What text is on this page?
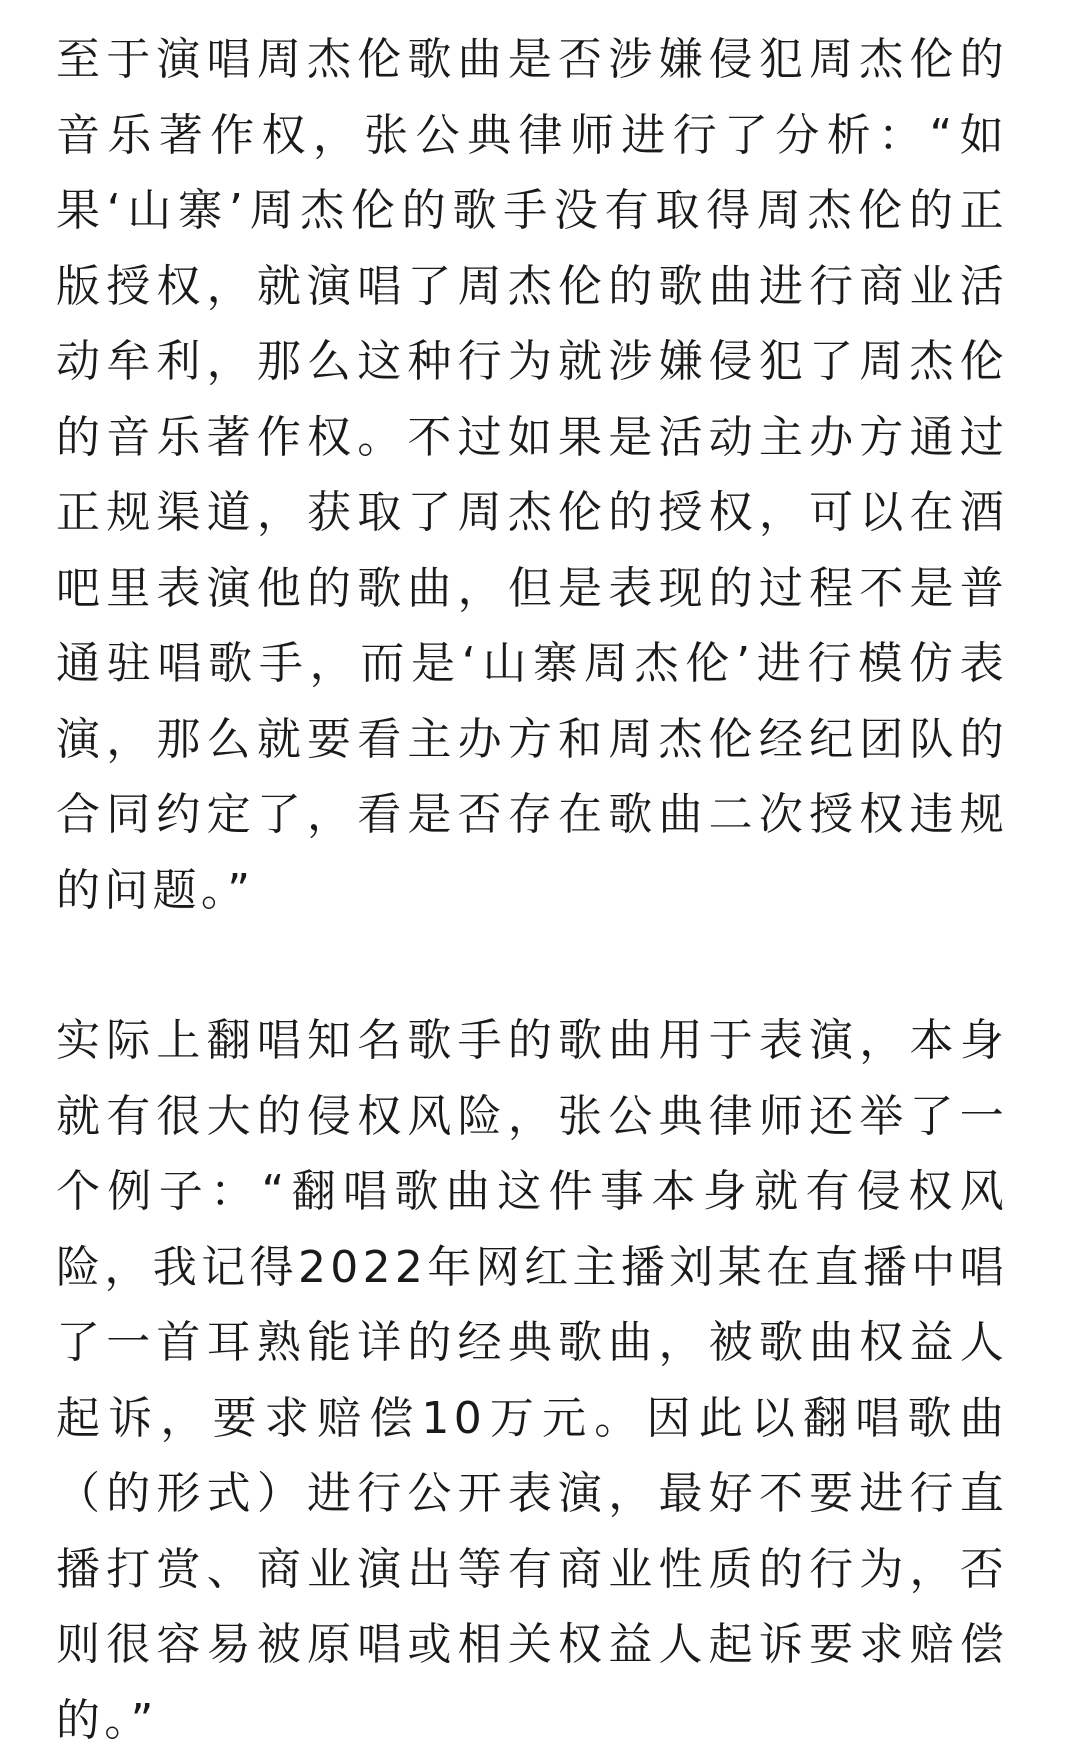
至于演唱周杰伦歌曲是否涉嫌侵犯周杰伦的音乐著作权，张公典律师进行了分析：“如果‘山寨’周杰伦的歌手没有取得周杰伦的正版授权，就演唱了周杰伦的歌曲进行商业活动牟利，那么这种行为就涉嫌侵犯了周杰伦的音乐著作权。不过如果是活动主办方通过正规渠道，获取了周杰伦的授权，可以在酒吧里表演他的歌曲，但是表现的过程不是普通驻唱歌手，而是‘山寨周杰伦’进行模仿表演，那么就要看主办方和周杰伦经纪团队的合同约定了，看是否存在歌曲二次授权违规的问题。”

实际上翻唱知名歌手的歌曲用于表演，本身就有很大的侵权风险，张公典律师还举了一个例子：“翻唱歌曲这件事本身就有侵权风险，我记得2022年网红主播刘某在直播中唱了一首耳熟能详的经典歌曲，被歌曲权益人起诉，要求赔偿10万元。因此以翻唱歌曲（的形式）进行公开表演，最好不要进行直播打赏、商业演出等有商业性质的行为，否则很容易被原唱或相关权益人起诉要求赔偿的。”
